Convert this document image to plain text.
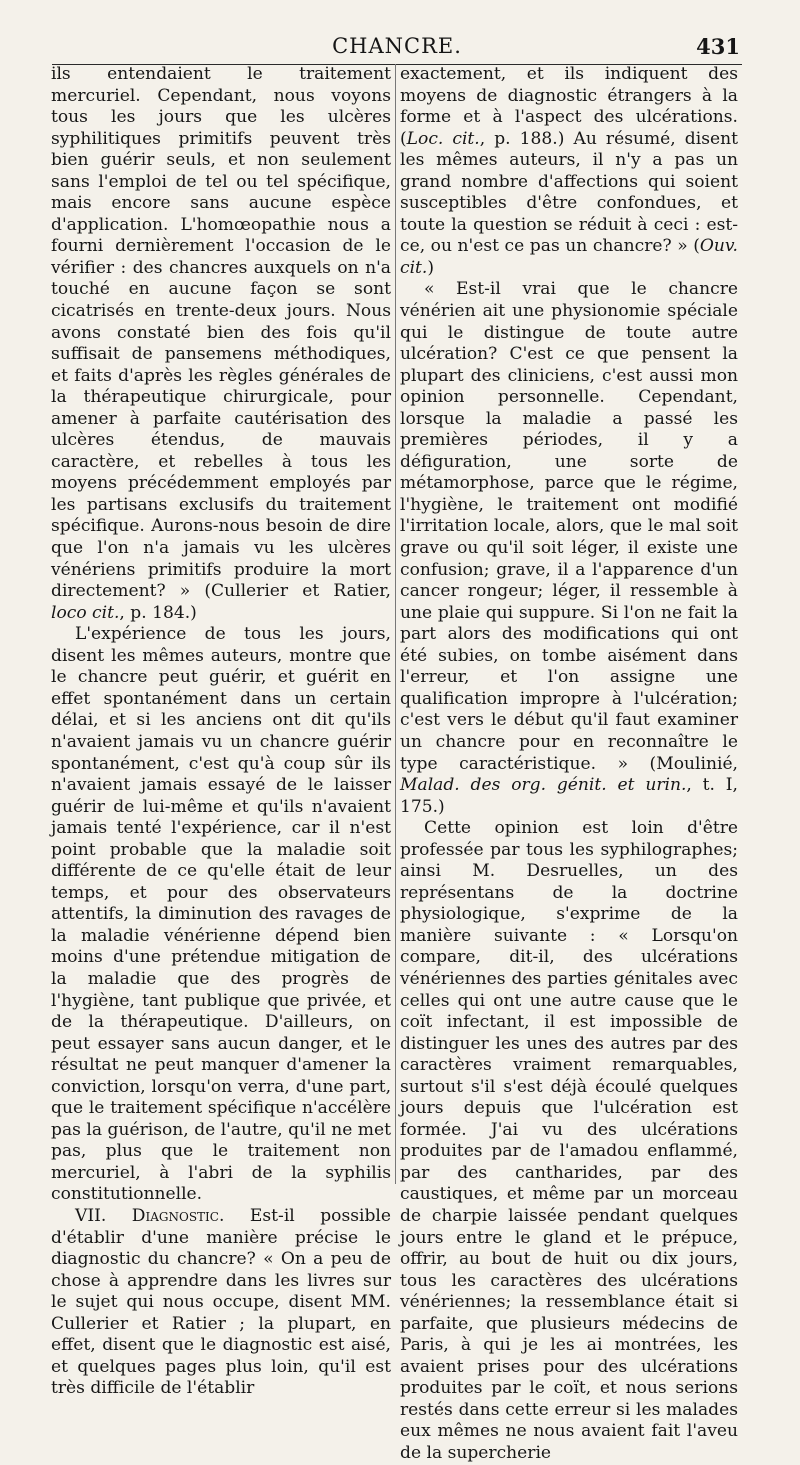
CHANCRE.	431

ils entendaient le traitement mercuriel. Cependant, nous voyons tous les jours que les ulcères syphilitiques primitifs peuvent très bien guérir seuls, et non seulement sans l'emploi de tel ou tel spécifique, mais encore sans aucune espèce d'application. L'homœopathie nous a fourni dernièrement l'occasion de le vérifier : des chancres auxquels on n'a touché en aucune façon se sont cicatrisés en trente-deux jours. Nous avons constaté bien des fois qu'il suffisait de pansemens méthodiques, et faits d'après les règles générales de la thérapeutique chirurgicale, pour amener à parfaite cautérisation des ulcères étendus, de mauvais caractère, et rebelles à tous les moyens précédemment employés par les partisans exclusifs du traitement spécifique. Aurons-nous besoin de dire que l'on n'a jamais vu les ulcères vénériens primitifs produire la mort directement? » (Cullerier et Ratier, loco cit., p. 184.)

L'expérience de tous les jours, disent les mêmes auteurs, montre que le chancre peut guérir, et guérit en effet spontanément dans un certain délai, et si les anciens ont dit qu'ils n'avaient jamais vu un chancre guérir spontanément, c'est qu'à coup sûr ils n'avaient jamais essayé de le laisser guérir de lui-même et qu'ils n'avaient jamais tenté l'expérience, car il n'est point probable que la maladie soit différente de ce qu'elle était de leur temps, et pour des observateurs attentifs, la diminution des ravages de la maladie vénérienne dépend bien moins d'une prétendue mitigation de la maladie que des progrès de l'hygiène, tant publique que privée, et de la thérapeutique. D'ailleurs, on peut essayer sans aucun danger, et le résultat ne peut manquer d'amener la conviction, lorsqu'on verra, d'une part, que le traitement spécifique n'accélère pas la guérison, de l'autre, qu'il ne met pas, plus que le traitement non mercuriel, à l'abri de la syphilis constitutionnelle.

VII. Diagnostic. Est-il possible d'établir d'une manière précise le diagnostic du chancre? « On a peu de chose à apprendre dans les livres sur le sujet qui nous occupe, disent MM. Cullerier et Ratier ; la plupart, en effet, disent que le diagnostic est aisé, et quelques pages plus loin, qu'il est très difficile de l'établir

exactement, et ils indiquent des moyens de diagnostic étrangers à la forme et à l'aspect des ulcérations. (Loc. cit., p. 188.) Au résumé, disent les mêmes auteurs, il n'y a pas un grand nombre d'affections qui soient susceptibles d'être confondues, et toute la question se réduit à ceci : est-ce, ou n'est ce pas un chancre? » (Ouv. cit.)

« Est-il vrai que le chancre vénérien ait une physionomie spéciale qui le distingue de toute autre ulcération? C'est ce que pensent la plupart des cliniciens, c'est aussi mon opinion personnelle. Cependant, lorsque la maladie a passé les premières périodes, il y a défiguration, une sorte de métamorphose, parce que le régime, l'hygiène, le traitement ont modifié l'irritation locale, alors, que le mal soit grave ou qu'il soit léger, il existe une confusion; grave, il a l'apparence d'un cancer rongeur; léger, il ressemble à une plaie qui suppure. Si l'on ne fait la part alors des modifications qui ont été subies, on tombe aisément dans l'erreur, et l'on assigne une qualification impropre à l'ulcération; c'est vers le début qu'il faut examiner un chancre pour en reconnaître le type caractéristique. » (Moulinié, Malad. des org. génit. et urin., t. I, 175.)

Cette opinion est loin d'être professée par tous les syphilographes; ainsi M. Desruelles, un des représentans de la doctrine physiologique, s'exprime de la manière suivante : « Lorsqu'on compare, dit-il, des ulcérations vénériennes des parties génitales avec celles qui ont une autre cause que le coït infectant, il est impossible de distinguer les unes des autres par des caractères vraiment remarquables, surtout s'il s'est déjà écoulé quelques jours depuis que l'ulcération est formée. J'ai vu des ulcérations produites par de l'amadou enflammé, par des cantharides, par des caustiques, et même par un morceau de charpie laissée pendant quelques jours entre le gland et le prépuce, offrir, au bout de huit ou dix jours, tous les caractères des ulcérations vénériennes; la ressemblance était si parfaite, que plusieurs médecins de Paris, à qui je les ai montrées, les avaient prises pour des ulcérations produites par le coït, et nous serions restés dans cette erreur si les malades eux mêmes ne nous avaient fait l'aveu de la supercherie
